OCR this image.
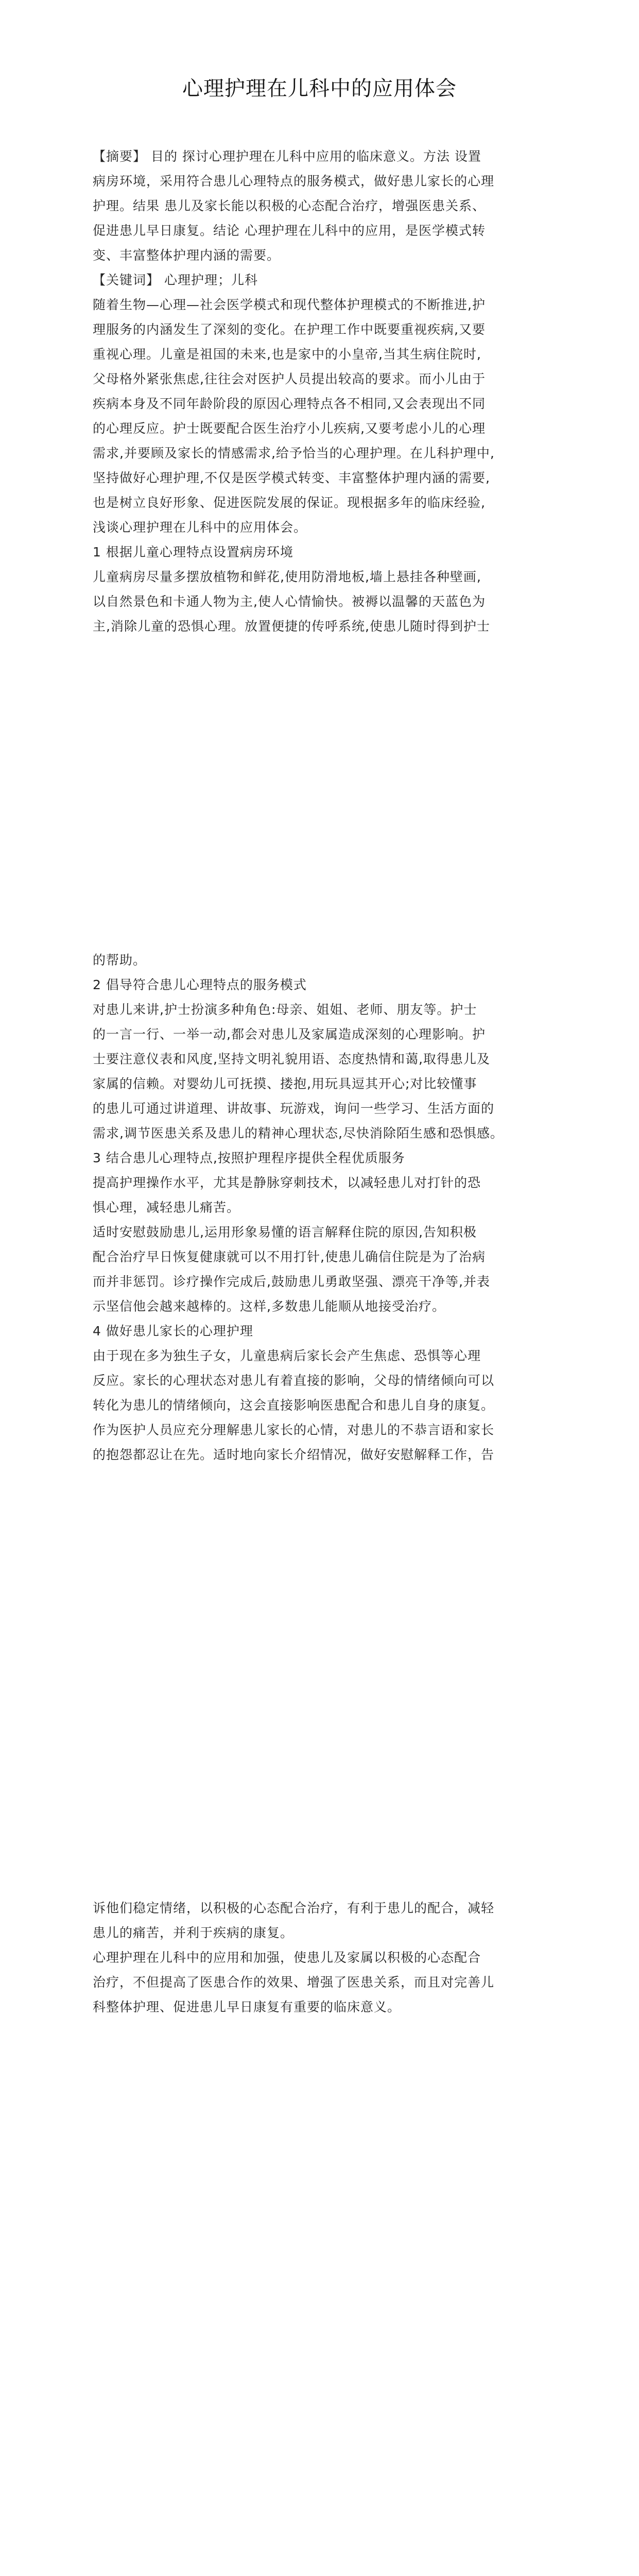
心理护理在儿科中的应用体会
【摘要】 目的 探讨心理护理在儿科中应用的临床意义。方法 设置
病房环境，采用符合患儿心理特点的服务模式，做好患儿家长的心理
护理。结果 患儿及家长能以积极的心态配合治疗，增强医患关系、
促进患儿早日康复。结论 心理护理在儿科中的应用，是医学模式转
变、丰富整体护理内涵的需要。
【关键词】 心理护理；儿科
随着生物—心理—社会医学模式和现代整体护理模式的不断推进,护
理服务的内涵发生了深刻的变化。在护理工作中既要重视疾病,又要
重视心理。儿童是祖国的未来,也是家中的小皇帝,当其生病住院时,
父母格外紧张焦虑,往往会对医护人员提出较高的要求。而小儿由于
疾病本身及不同年龄阶段的原因心理特点各不相同,又会表现出不同
的心理反应。护士既要配合医生治疗小儿疾病,又要考虑小儿的心理
需求,并要顾及家长的情感需求,给予恰当的心理护理。在儿科护理中,
坚持做好心理护理,不仅是医学模式转变、丰富整体护理内涵的需要,
也是树立良好形象、促进医院发展的保证。现根据多年的临床经验,
浅谈心理护理在儿科中的应用体会。
1 根据儿童心理特点设置病房环境
儿童病房尽量多摆放植物和鲜花,使用防滑地板,墙上悬挂各种壁画,
以自然景色和卡通人物为主,使人心情愉快。被褥以温馨的天蓝色为
主,消除儿童的恐惧心理。放置便捷的传呼系统,使患儿随时得到护士
的帮助。
2 倡导符合患儿心理特点的服务模式
对患儿来讲,护士扮演多种角色:母亲、姐姐、老师、朋友等。护士
的一言一行、一举一动,都会对患儿及家属造成深刻的心理影响。护
士要注意仪表和风度,坚持文明礼貌用语、态度热情和蔼,取得患儿及
家属的信赖。对婴幼儿可抚摸、搂抱,用玩具逗其开心;对比较懂事
的患儿可通过讲道理、讲故事、玩游戏，询问一些学习、生活方面的
需求,调节医患关系及患儿的精神心理状态,尽快消除陌生感和恐惧感。
3 结合患儿心理特点,按照护理程序提供全程优质服务
提高护理操作水平，尤其是静脉穿刺技术，以减轻患儿对打针的恐
惧心理，减轻患儿痛苦。
适时安慰鼓励患儿,运用形象易懂的语言解释住院的原因,告知积极
配合治疗早日恢复健康就可以不用打针,使患儿确信住院是为了治病
而并非惩罚。诊疗操作完成后,鼓励患儿勇敢坚强、漂亮干净等,并表
示坚信他会越来越棒的。这样,多数患儿能顺从地接受治疗。
4 做好患儿家长的心理护理
由于现在多为独生子女，儿童患病后家长会产生焦虑、恐惧等心理
反应。家长的心理状态对患儿有着直接的影响，父母的情绪倾向可以
转化为患儿的情绪倾向，这会直接影响医患配合和患儿自身的康复。
作为医护人员应充分理解患儿家长的心情，对患儿的不恭言语和家长
的抱怨都忍让在先。适时地向家长介绍情况，做好安慰解释工作，告
诉他们稳定情绪，以积极的心态配合治疗，有利于患儿的配合，减轻
患儿的痛苦，并利于疾病的康复。
心理护理在儿科中的应用和加强，使患儿及家属以积极的心态配合
治疗，不但提高了医患合作的效果、增强了医患关系，而且对完善儿
科整体护理、促进患儿早日康复有重要的临床意义。
